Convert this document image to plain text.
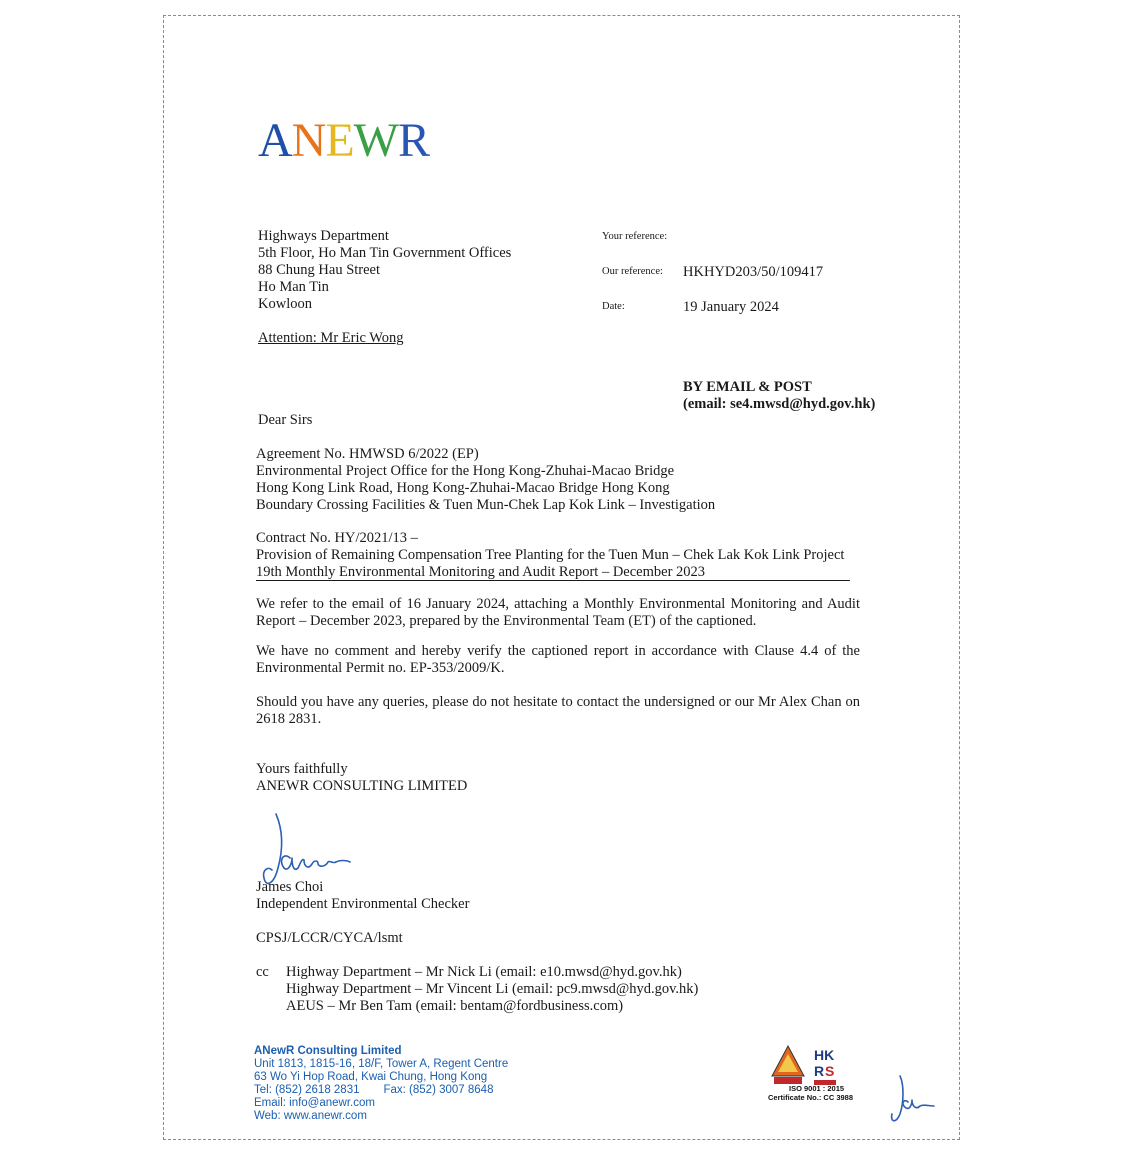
ANEWR
Highways Department
5th Floor, Ho Man Tin Government Offices
88 Chung Hau Street
Ho Man Tin
Kowloon
Attention: Mr Eric Wong
Your reference:
Our reference: HKHYD203/50/109417
Date:	19 January 2024
BY EMAIL & POST
(email: se4.mwsd@hyd.gov.hk)
Dear Sirs
Agreement No. HMWSD 6/2022 (EP)
Environmental Project Office for the Hong Kong-Zhuhai-Macao Bridge
Hong Kong Link Road, Hong Kong-Zhuhai-Macao Bridge Hong Kong
Boundary Crossing Facilities & Tuen Mun-Chek Lap Kok Link – Investigation
Contract No. HY/2021/13 –
Provision of Remaining Compensation Tree Planting for the Tuen Mun – Chek Lak Kok Link Project
19th Monthly Environmental Monitoring and Audit Report – December 2023
We refer to the email of 16 January 2024, attaching a Monthly Environmental Monitoring and Audit Report – December 2023, prepared by the Environmental Team (ET) of the captioned.
We have no comment and hereby verify the captioned report in accordance with Clause 4.4 of the Environmental Permit no. EP-353/2009/K.
Should you have any queries, please do not hesitate to contact the undersigned or our Mr Alex Chan on 2618 2831.
Yours faithfully
ANEWR CONSULTING LIMITED
James Choi
Independent Environmental Checker
CPSJ/LCCR/CYCA/lsmt
cc Highway Department – Mr Nick Li (email: e10.mwsd@hyd.gov.hk)
Highway Department – Mr Vincent Li (email: pc9.mwsd@hyd.gov.hk)
AEUS – Mr Ben Tam (email: bentam@fordbusiness.com)
ANewR Consulting Limited
Unit 1813, 1815-16, 18/F, Tower A, Regent Centre
63 Wo Yi Hop Road, Kwai Chung, Hong Kong
Tel: (852) 2618 2831 Fax: (852) 3007 8648
Email: info@anewr.com
Web: www.anewr.com
HK
R S
ISO 9001 : 2015
Certificate No.: CC 3988
